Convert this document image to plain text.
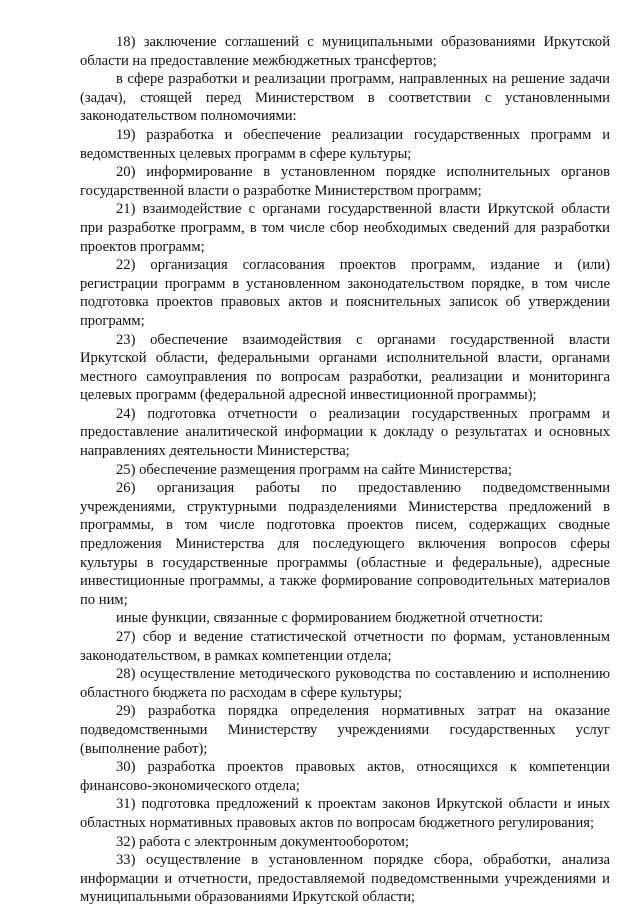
18) заключение соглашений с муниципальными образованиями Иркутской области на предоставление межбюджетных трансфертов;

в сфере разработки и реализации программ, направленных на решение задачи (задач), стоящей перед Министерством в соответствии с установленными законодательством полномочиями:

19) разработка и обеспечение реализации государственных программ и ведомственных целевых программ в сфере культуры;

20) информирование в установленном порядке исполнительных органов государственной власти о разработке Министерством программ;

21) взаимодействие с органами государственной власти Иркутской области при разработке программ, в том числе сбор необходимых сведений для разработки проектов программ;

22) организация согласования проектов программ, издание и (или) регистрации программ в установленном законодательством порядке, в том числе подготовка проектов правовых актов и пояснительных записок об утверждении программ;

23) обеспечение взаимодействия с органами государственной власти Иркутской области, федеральными органами исполнительной власти, органами местного самоуправления по вопросам разработки, реализации и мониторинга целевых программ (федеральной адресной инвестиционной программы);

24) подготовка отчетности о реализации государственных программ и предоставление аналитической информации к докладу о результатах и основных направлениях деятельности Министерства;

25) обеспечение размещения программ на сайте Министерства;

26) организация работы по предоставлению подведомственными учреждениями, структурными подразделениями Министерства предложений в программы, в том числе подготовка проектов писем, содержащих сводные предложения Министерства для последующего включения вопросов сферы культуры в государственные программы (областные и федеральные), адресные инвестиционные программы, а также формирование сопроводительных материалов по ним;

иные функции, связанные с формированием бюджетной отчетности:

27) сбор и ведение статистической отчетности по формам, установленным законодательством, в рамках компетенции отдела;

28) осуществление методического руководства по составлению и исполнению областного бюджета по расходам в сфере культуры;

29) разработка порядка определения нормативных затрат на оказание подведомственными Министерству учреждениями государственных услуг (выполнение работ);

30) разработка проектов правовых актов, относящихся к компетенции финансово-экономического отдела;

31) подготовка предложений к проектам законов Иркутской области и иных областных нормативных правовых актов по вопросам бюджетного регулирования;

32) работа с электронным документооборотом;

33) осуществление в установленном порядке сбора, обработки, анализа информации и отчетности, предоставляемой подведомственными учреждениями и муниципальными образованиями Иркутской области;
